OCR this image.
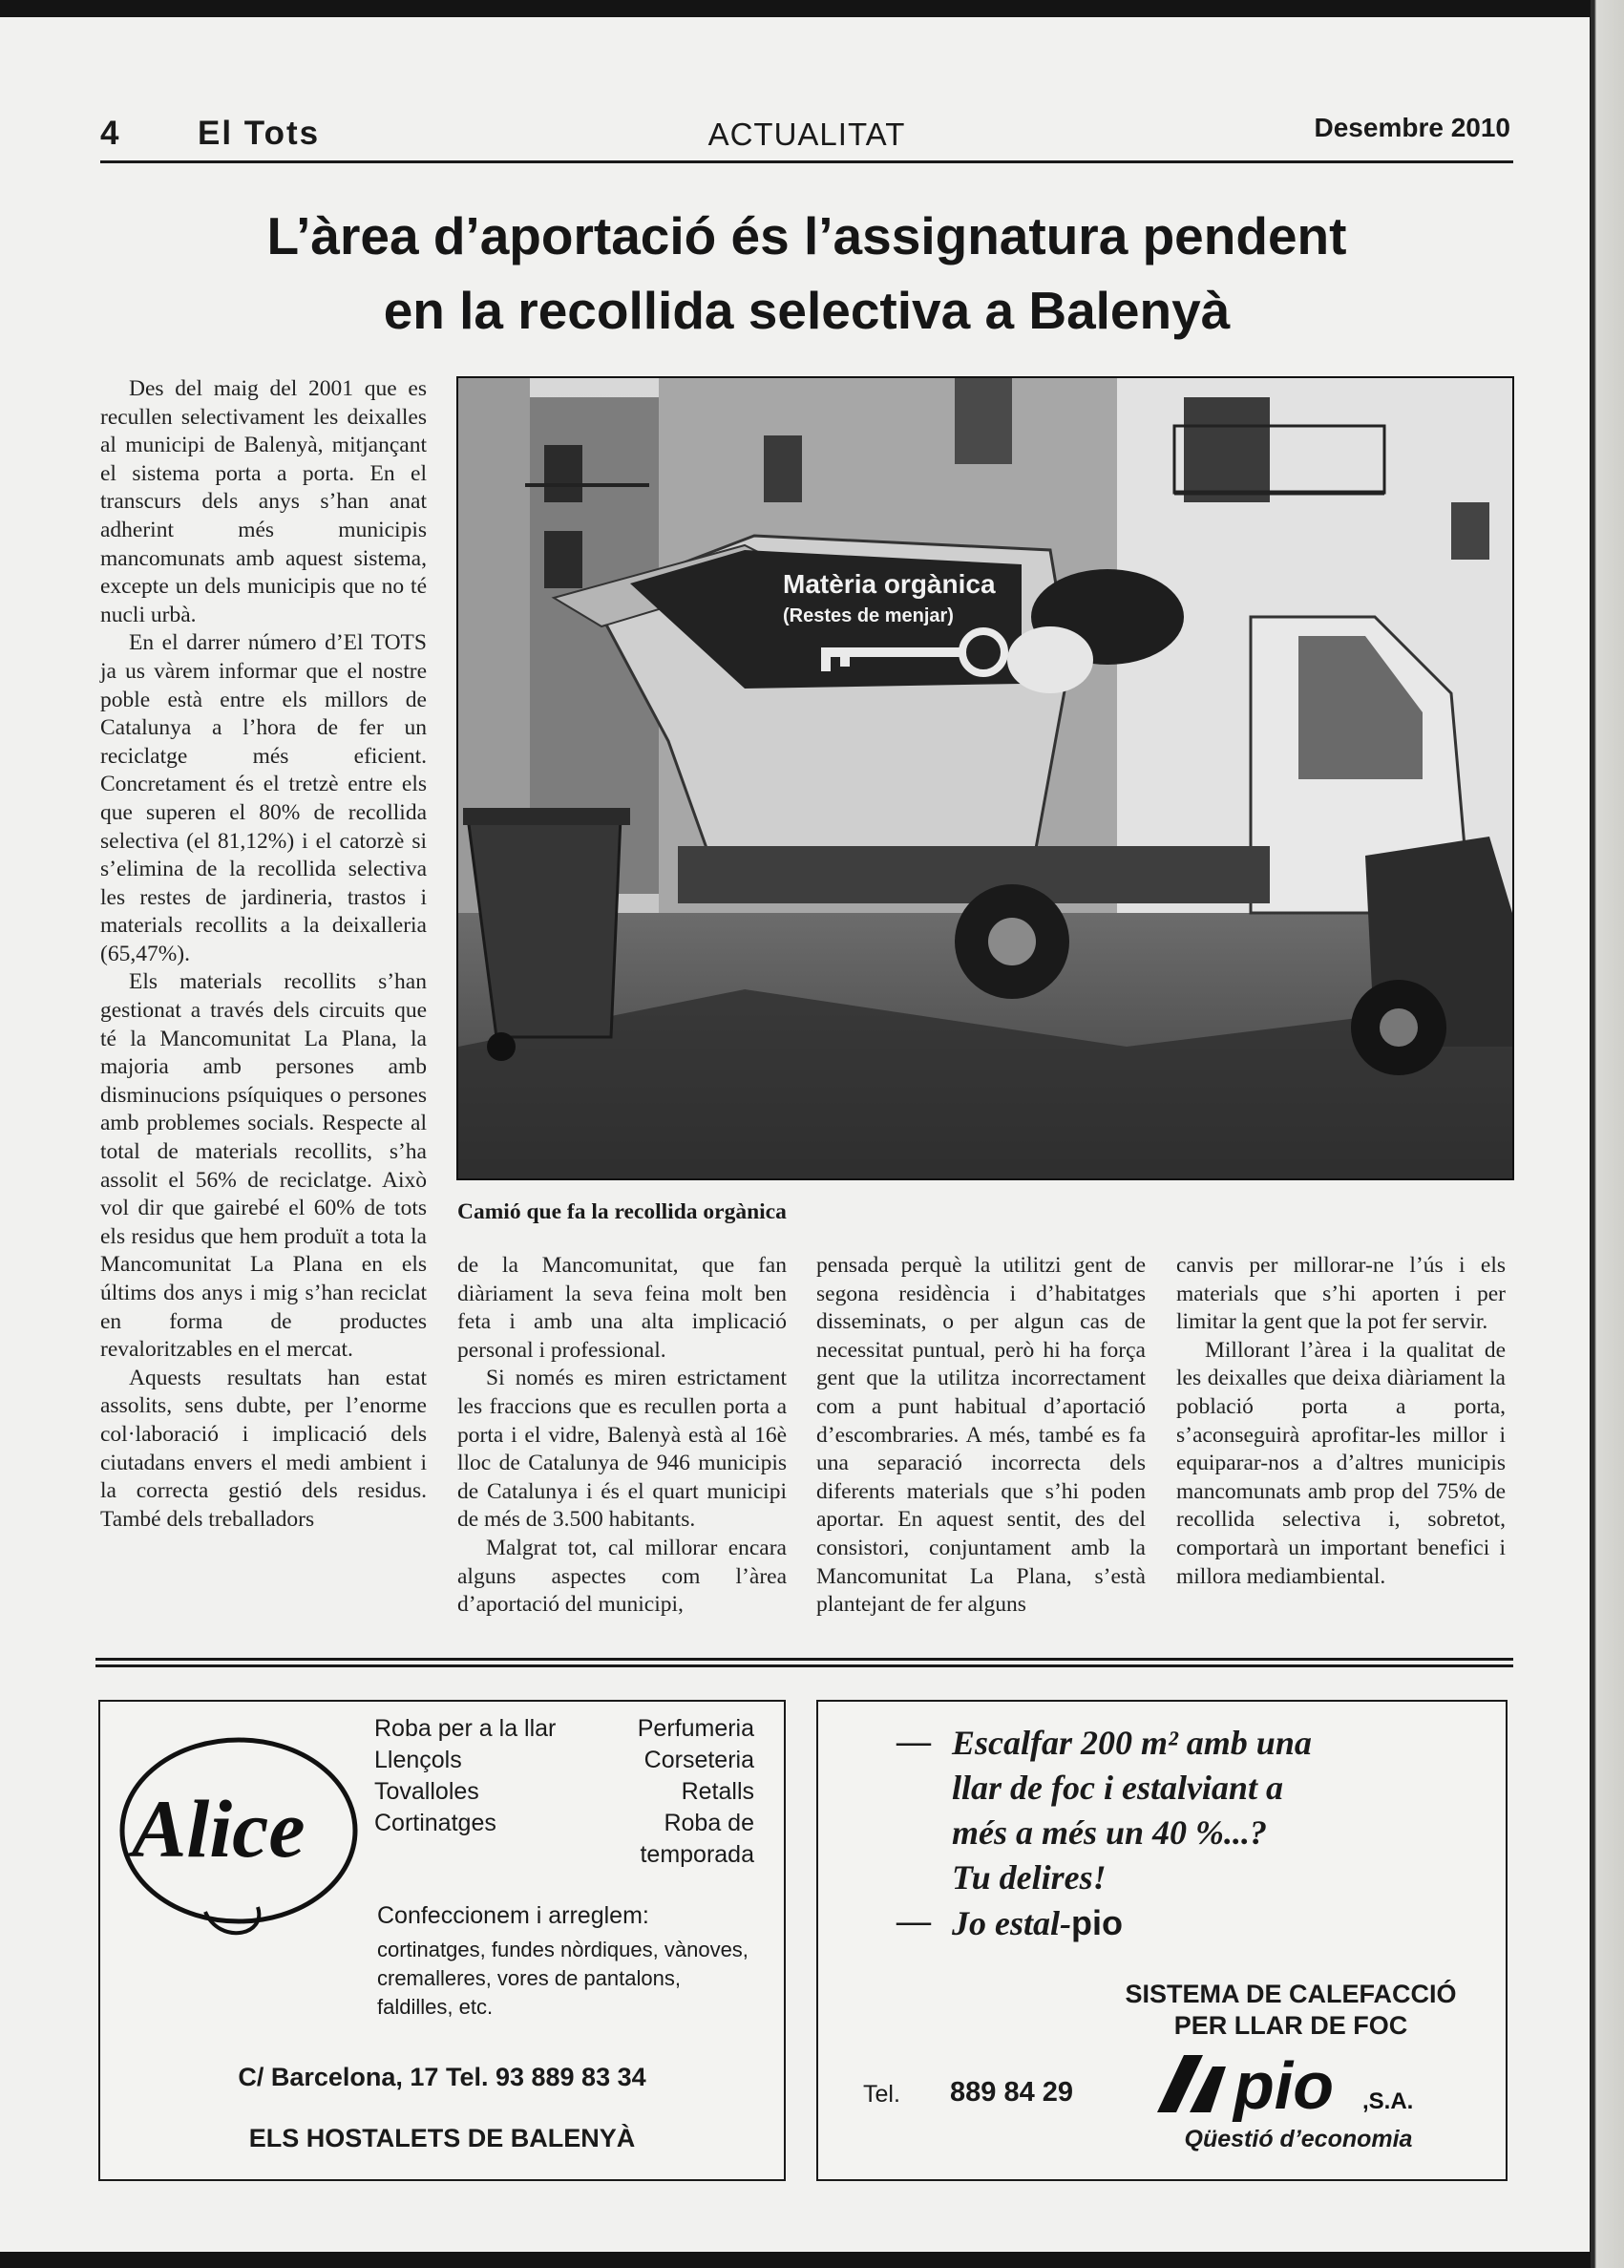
4 El Tots	ACTUALITAT	Desembre 2010
L’àrea d’aportació és l’assignatura pendent
en la recollida selectiva a Balenyà

Des del maig del 2001 que es recullen selectivament les deixalles al municipi de Balenyà, mitjançant el sistema porta a porta. En el transcurs dels anys s’han anat adherint més municipis mancomunats amb aquest sistema, excepte un dels municipis que no té nucli urbà.

En el darrer número d’El TOTS ja us vàrem informar que el nostre poble està entre els millors de Catalunya a l’hora de fer un reciclatge més eficient. Concretament és el tretzè entre els que superen el 80% de recollida selectiva (el 81,12%) i el catorzè si s’elimina de la recollida selectiva les restes de jardineria, trastos i materials recollits a la deixalleria (65,47%).

Els materials recollits s’han gestionat a través dels circuits que té la Mancomunitat La Plana, la majoria amb persones amb disminucions psíquiques o persones amb problemes socials. Respecte al total de materials recollits, s’ha assolit el 56% de reciclatge. Això vol dir que gairebé el 60% de tots els residus que hem produït a tota la Mancomunitat La Plana en els últims dos anys i mig s’han reciclat en forma de productes revaloritzables en el mercat.

Aquests resultats han estat assolits, sens dubte, per l’enorme col·laboració i implicació dels ciutadans envers el medi ambient i la correcta gestió dels residus. També dels treballadors

Matèria orgànica
(Restes de menjar)
Camió que fa la recollida orgànica

de la Mancomunitat, que fan diàriament la seva feina molt ben feta i amb una alta implicació personal i professional.

Si només es miren estrictament les fraccions que es recullen porta a porta i el vidre, Balenyà està al 16è lloc de Catalunya de 946 municipis de Catalunya i és el quart municipi de més de 3.500 habitants.

Malgrat tot, cal millorar encara alguns aspectes com l’àrea d’aportació del municipi,

pensada perquè la utilitzi gent de segona residència i d’habitatges disseminats, o per algun cas de necessitat puntual, però hi ha força gent que la utilitza incorrectament com a punt habitual d’aportació d’escombraries. A més, també es fa una separació incorrecta dels diferents materials que s’hi poden aportar. En aquest sentit, des del consistori, conjuntament amb la Mancomunitat La Plana, s’està plantejant de fer alguns

canvis per millorar-ne l’ús i els materials que s’hi aporten i per limitar la gent que la pot fer servir.

Millorant l’àrea i la qualitat de les deixalles que deixa diàriament la població porta a porta, s’aconseguirà aprofitar-les millor i equiparar-nos a d’altres municipis mancomunats amb prop del 75% de recollida selectiva i, sobretot, comportarà un important benefici i millora mediambiental.

Alice
Roba per a la llar
Llençols
Tovalloles
Cortinatges
Perfumeria
Corseteria
Retalls
Roba de
temporada
Confeccionem i arreglem:
cortinatges, fundes nòrdiques, vànoves, cremalleres, vores de pantalons, faldilles, etc.
C/ Barcelona, 17 Tel. 93 889 83 34
ELS HOSTALETS DE BALENYÀ
— Escalfar 200 m² amb una
llar de foc i estalviant a
més a més un 40 %...?
Tu delires!
Jo estal-pio
—
SISTEMA DE CALEFACCIÓ
PER LLAR DE FOC
Tel. 889 84 29 pio ,S.A.
Qüestió d’economia
